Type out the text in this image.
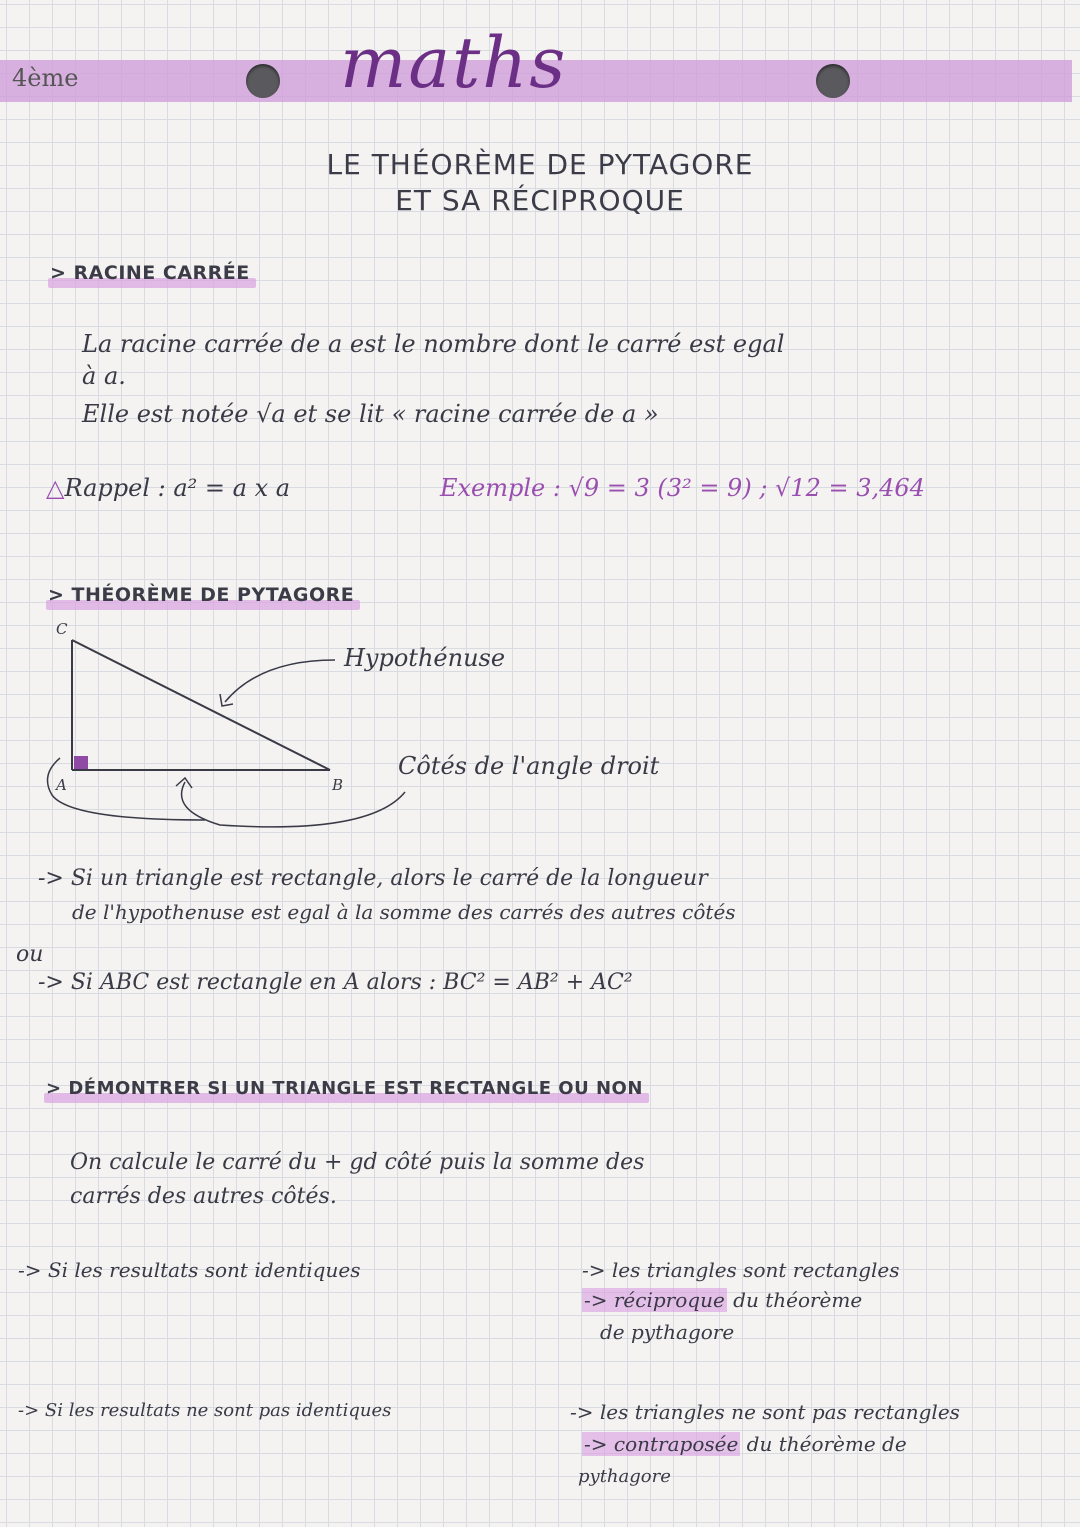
4ème	maths
LE THÉORÈME DE PYTAGORE
ET SA RÉCIPROQUE
> RACINE CARRÉE
La racine carrée de a est le nombre dont le carré est egal
à a.
Elle est notée √a et se lit « racine carrée de a »
△Rappel : a² = a x a	Exemple : √9 = 3 (3² = 9) ; √12 = 3,464
> THÉORÈME DE PYTAGORE
C
A	B
Hypothénuse
Côtés de l'angle droit
-> Si un triangle est rectangle, alors le carré de la longueur
de l'hypothenuse est egal à la somme des carrés des autres côtés
ou
-> Si ABC est rectangle en A alors : BC² = AB² + AC²
> DÉMONTRER SI UN TRIANGLE EST RECTANGLE OU NON
On calcule le carré du + gd côté puis la somme des
carrés des autres côtés.
-> Si les resultats sont identiques	-> les triangles sont rectangles
-> réciproque du théorème
de pythagore
-> Si les resultats ne sont pas identiques	-> les triangles ne sont pas rectangles
-> contraposée du théorème de
pythagore
